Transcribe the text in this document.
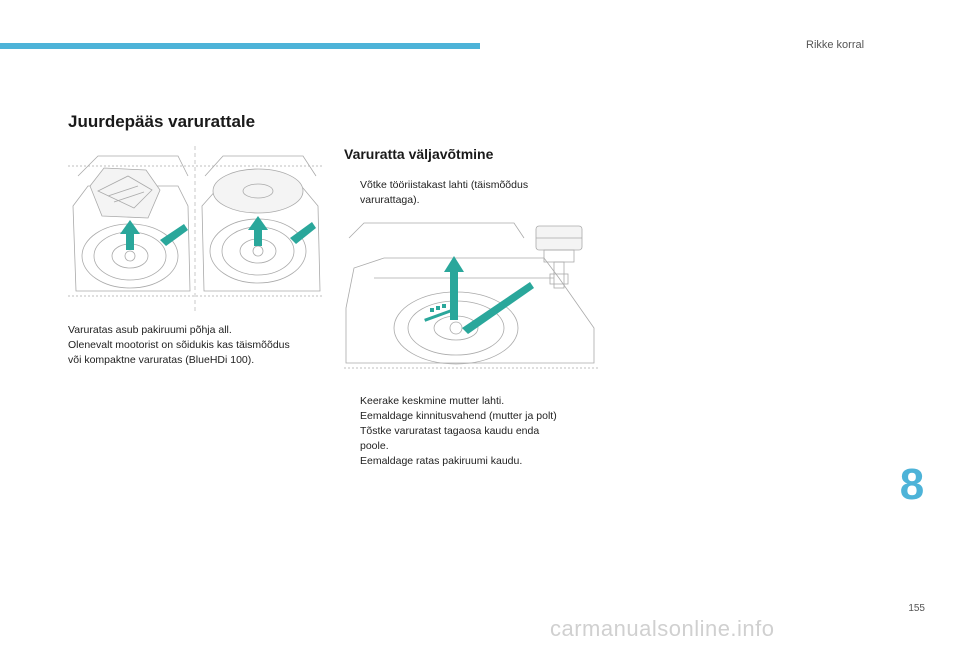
Rikke korral
Juurdepääs varurattale
Varuratas asub pakiruumi põhja all.
Olenevalt mootorist on sõidukis kas täismõõdus
või kompaktne varuratas (BlueHDi 100).
Varuratta väljavõtmine
Võtke tööriistakast lahti (täismõõdus
varurattaga).
Keerake keskmine mutter lahti.
Eemaldage kinnitusvahend (mutter ja polt)
Tõstke varuratast tagaosa kaudu enda
poole.
Eemaldage ratas pakiruumi kaudu.	8
155
carmanualsonline.info
